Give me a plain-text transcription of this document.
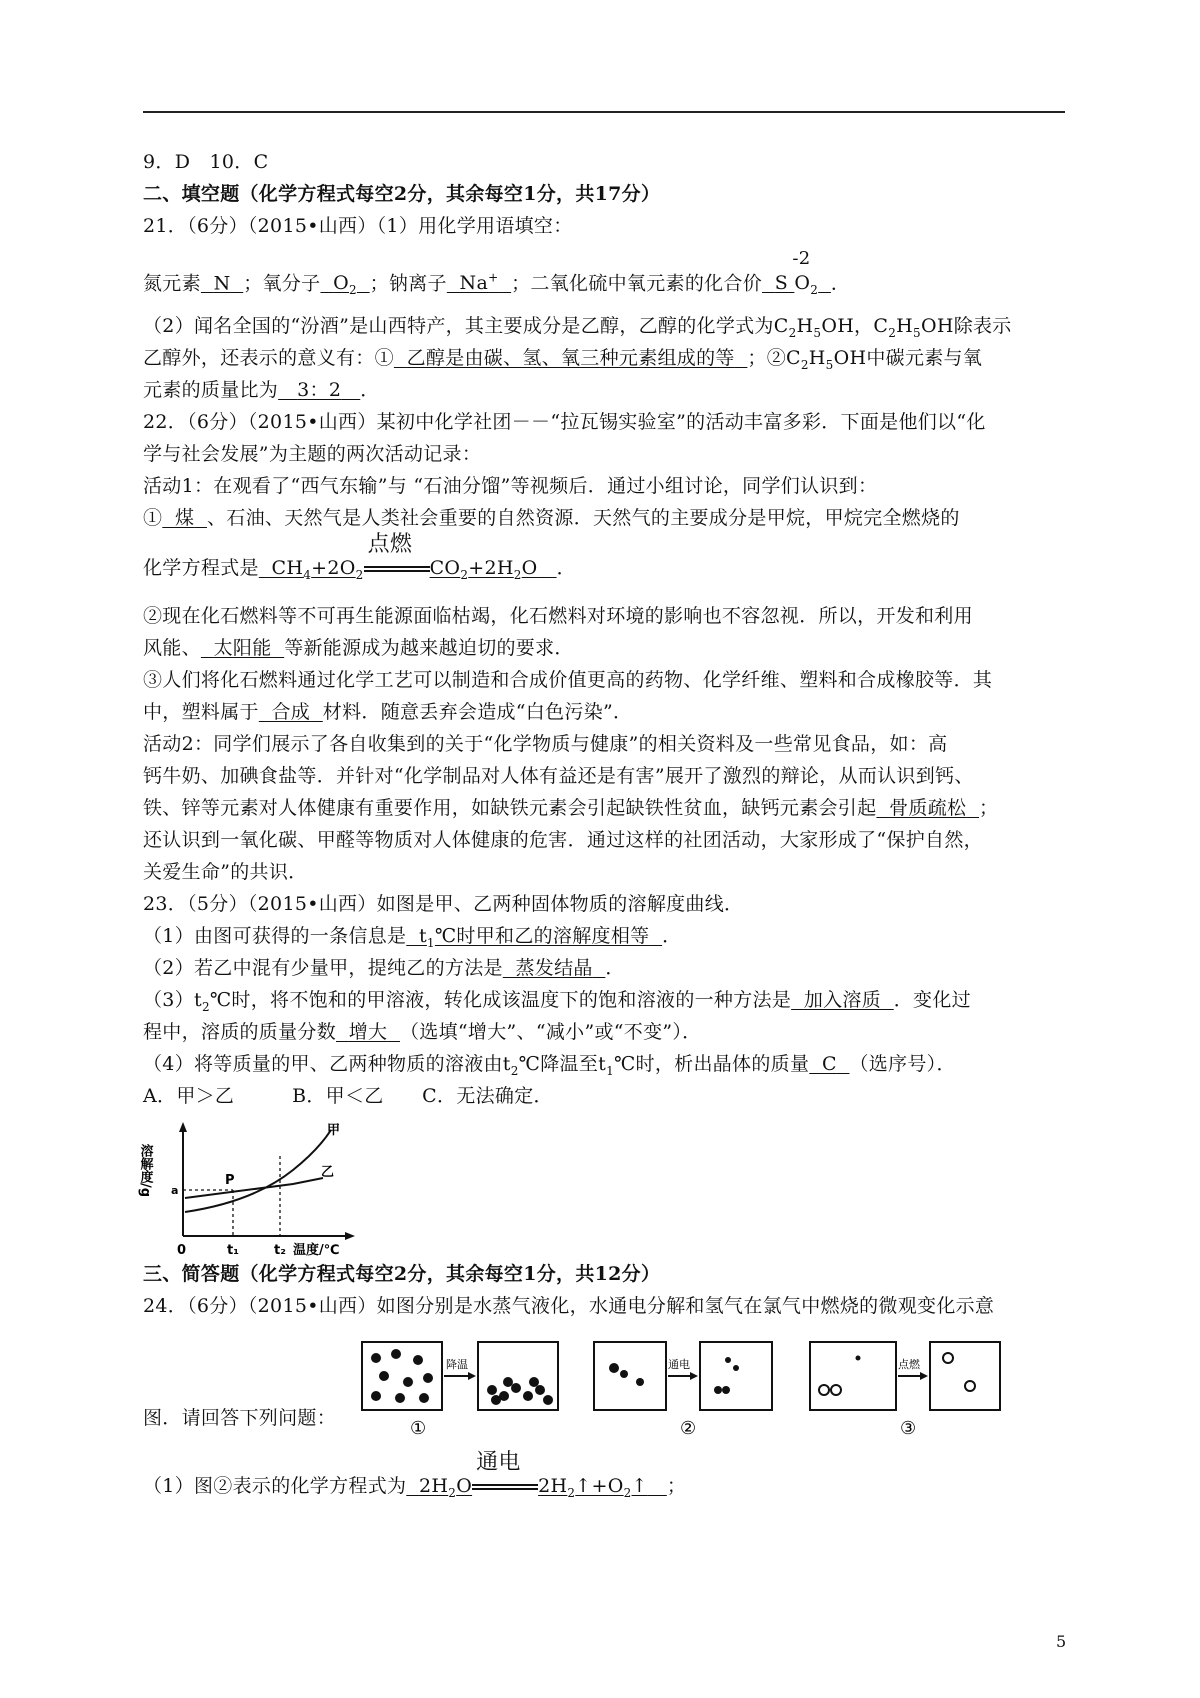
9．D　10．C
二、填空题（化学方程式每空2分，其余每空1分，共17分）
21．（6分）（2015•山西）（1）用化学用语填空：
氮元素 N ；氧分子 $O_2$ ；钠离子 Na+ ；二氧化硫中氧元素的化合价 S
-2
$O_2$ ．
（2）闻名全国的“汾酒”是山西特产，其主要成分是乙醇，乙醇的化学式为$C_2H_5OH$，$C_2H_5OH$除表示
乙醇外，还表示的意义有：① 乙醇是由碳、氢、氧三种元素组成的等 ；$②C_2H_5OH$中碳元素与氧
元素的质量比为 3：2 ．
22．（6分）（2015•山西）某初中化学社团－－“拉瓦锡实验室”的活动丰富多彩．下面是他们以“化
学与社会发展”为主题的两次活动记录：
活动1：在观看了“西气东输”与 “石油分馏”等视频后．通过小组讨论，同学们认识到：
① 煤 、石油、天然气是人类社会重要的自然资源．天然气的主要成分是甲烷，甲烷完全燃烧的
化学方程式是 $CH_4+2O_2$
点燃
$CO_2+2H_2O$ ．
②现在化石燃料等不可再生能源面临枯竭，化石燃料对环境的影响也不容忽视．所以，开发和利用
风能、 太阳能 等新能源成为越来越迫切的要求．
③人们将化石燃料通过化学工艺可以制造和合成价值更高的药物、化学纤维、塑料和合成橡胶等．其
中，塑料属于 合成 材料．随意丢弃会造成“白色污染”．
活动2：同学们展示了各自收集到的关于“化学物质与健康”的相关资料及一些常见食品，如：高
钙牛奶、加碘食盐等．并针对“化学制品对人体有益还是有害”展开了激烈的辩论，从而认识到钙、
铁、锌等元素对人体健康有重要作用，如缺铁元素会引起缺铁性贫血，缺钙元素会引起 骨质疏松 ；
还认识到一氧化碳、甲醛等物质对人体健康的危害．通过这样的社团活动，大家形成了“保护自然，
关爱生命”的共识．
23．（5分）（2015•山西）如图是甲、乙两种固体物质的溶解度曲线．
（1）由图可获得的一条信息是 $t_1℃$时甲和乙的溶解度相等 ．
（2）若乙中混有少量甲，提纯乙的方法是 蒸发结晶 ．
$(3)t_2℃$时，将不饱和的甲溶液，转化成该温度下的饱和溶液的一种方法是 加入溶质 ．变化过
程中，溶质的质量分数 增大 （选填“增大”、“减小”或“不变”）．
（4）将等质量的甲、乙两种物质的溶液由$t_2℃$降温至$t_1℃$时，析出晶体的质量 C （选序号）．
A．甲＞乙　　　B．甲＜乙　　C．无法确定．
溶解度/g a
P
甲
乙
0	t₁	t₂ 温度/℃
三、简答题（化学方程式每空2分，其余每空1分，共12分）
24．（6分）（2015•山西）如图分别是水蒸气液化，水通电分解和氢气在氯气中燃烧的微观变化示意
降温
①
通电
②
点燃
③
图．请回答下列问题：
（1）图②表示的化学方程式为 $2H_2O$
通电
$2H_2↑+O_2↑$ ；
5
